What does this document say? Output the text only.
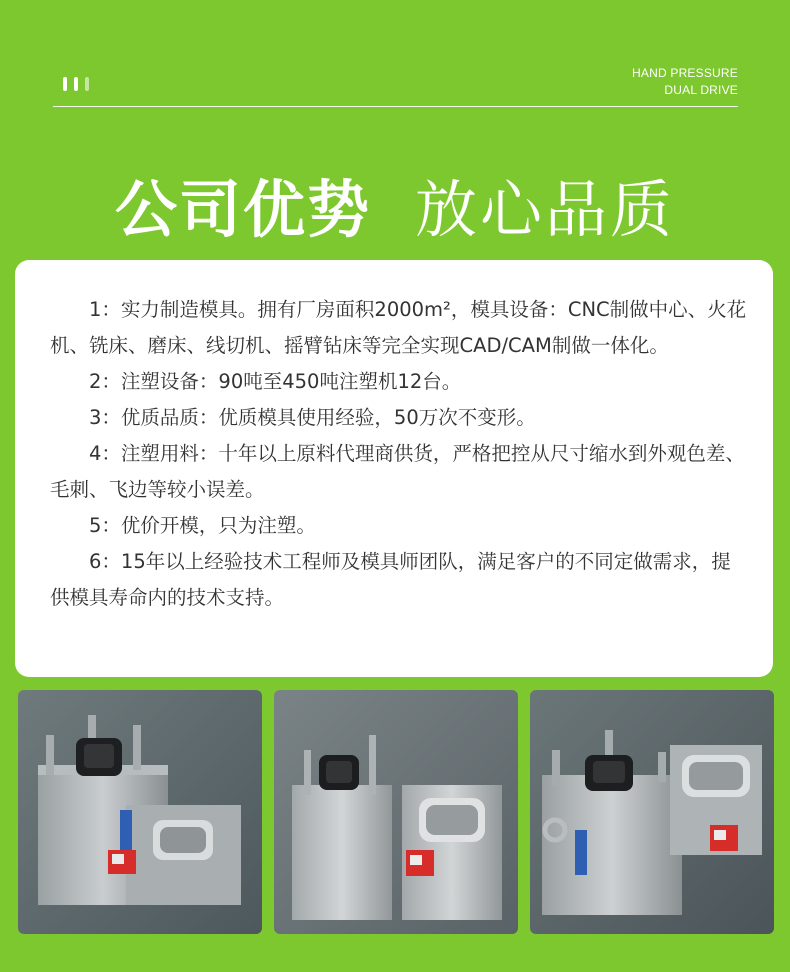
HAND PRESSURE
DUAL DRIVE
公司优势 放心品质

1：实力制造模具。拥有厂房面积2000m²，模具设备：CNC制做中心、火花机、铣床、磨床、线切机、摇臂钻床等完全实现CAD/CAM制做一体化。

2：注塑设备：90吨至450吨注塑机12台。

3：优质品质：优质模具使用经验，50万次不变形。

4：注塑用料：十年以上原料代理商供货，严格把控从尺寸缩水到外观色差、毛刺、飞边等较小误差。

5：优价开模，只为注塑。

6：15年以上经验技术工程师及模具师团队，满足客户的不同定做需求，提供模具寿命内的技术支持。
